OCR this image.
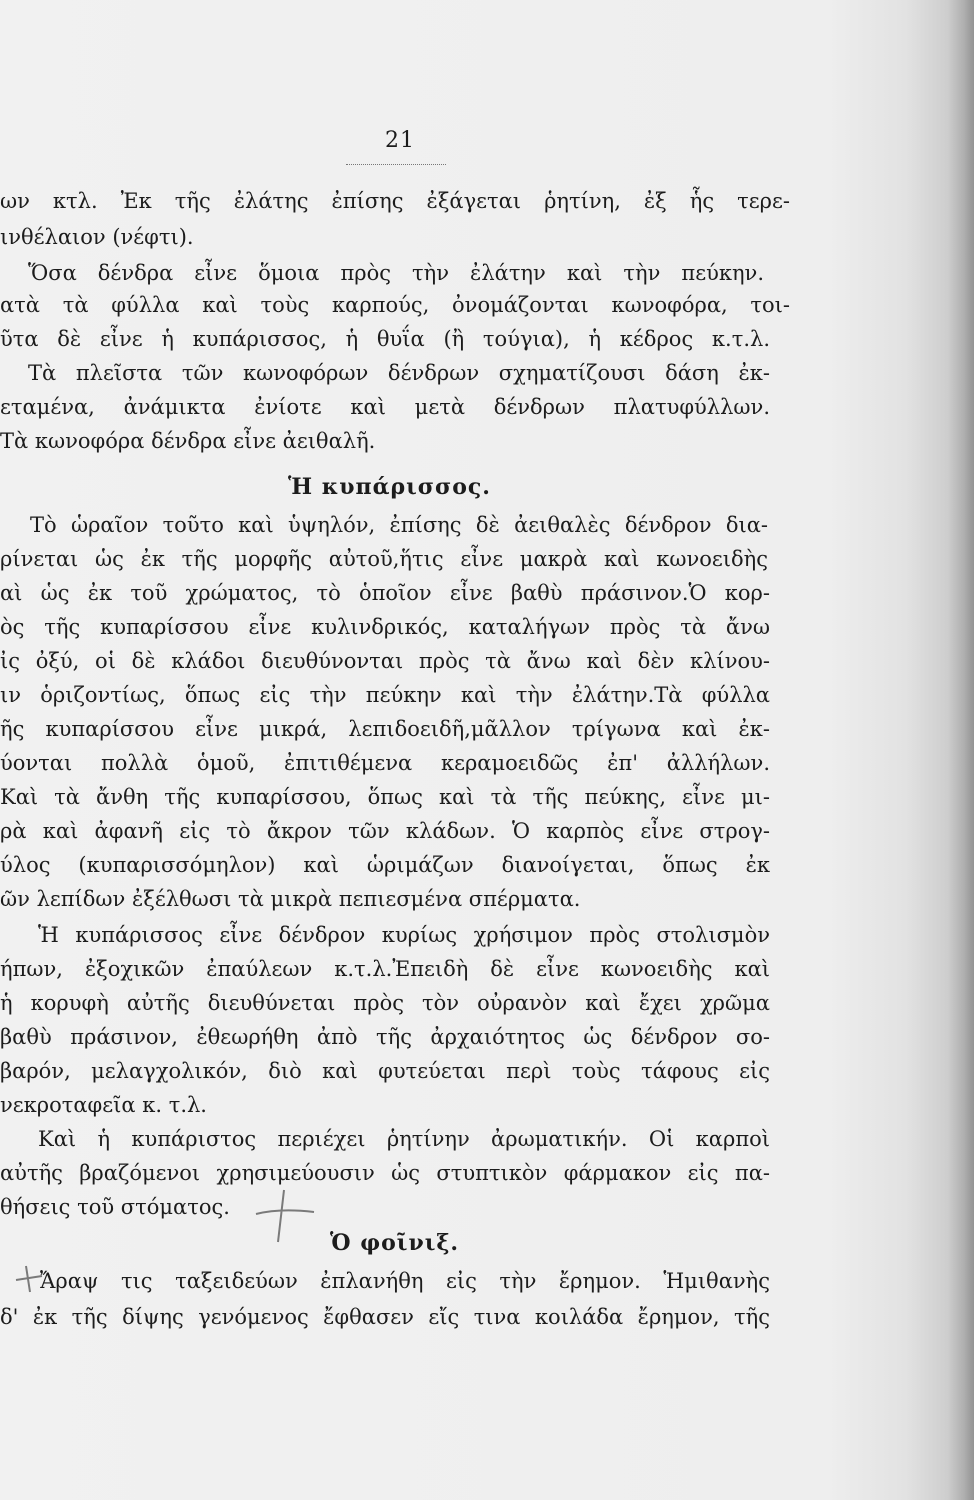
21
ων κτλ. Ἐκ τῆς ἐλάτης ἐπίσης ἐξάγεται ῥητίνη, ἐξ ἧς τερε-
ινθέλαιον (νέφτι).
Ὅσα δένδρα εἶνε ὅμοια πρὸς τὴν ἐλάτην καὶ τὴν πεύκην.
ατὰ τὰ φύλλα καὶ τοὺς καρπούς, ὀνομάζονται κωνοφόρα, τοι-
ῦτα δὲ εἶνε ἡ κυπάρισσος, ἡ θυΐα (ἢ τούγια), ἡ κέδρος κ.τ.λ.
Τὰ πλεῖστα τῶν κωνοφόρων δένδρων σχηματίζουσι δάση ἐκ-
εταμένα, ἀνάμικτα ἐνίοτε καὶ μετὰ δένδρων πλατυφύλλων.
Τὰ κωνοφόρα δένδρα εἶνε ἀειθαλῆ.
Τὸ ὡραῖον τοῦτο καὶ ὑψηλόν, ἐπίσης δὲ ἀειθαλὲς δένδρον δια-
ρίνεται ὡς ἐκ τῆς μορφῆς αὐτοῦ,ἥτις εἶνε μακρὰ καὶ κωνοειδὴς
αὶ ὡς ἐκ τοῦ χρώματος, τὸ ὁποῖον εἶνε βαθὺ πράσινον.Ὁ κορ-
ὸς τῆς κυπαρίσσου εἶνε κυλινδρικός, καταλήγων πρὸς τὰ ἄνω
ἰς ὀξύ, οἱ δὲ κλάδοι διευθύνονται πρὸς τὰ ἄνω καὶ δὲν κλίνου-
ιν ὁριζοντίως, ὅπως εἰς τὴν πεύκην καὶ τὴν ἐλάτην.Τὰ φύλλα
ῆς κυπαρίσσου εἶνε μικρά, λεπιδοειδῆ,μᾶλλον τρίγωνα καὶ ἐκ-
ύονται πολλὰ ὁμοῦ, ἐπιτιθέμενα κεραμοειδῶς ἐπ' ἀλλήλων.
Καὶ τὰ ἄνθη τῆς κυπαρίσσου, ὅπως καὶ τὰ τῆς πεύκης, εἶνε μι-
ρὰ καὶ ἀφανῆ εἰς τὸ ἄκρον τῶν κλάδων. Ὁ καρπὸς εἶνε στρογ-
ύλος (κυπαρισσόμηλον) καὶ ὡριμάζων διανοίγεται, ὅπως ἐκ
ῶν λεπίδων ἐξέλθωσι τὰ μικρὰ πεπιεσμένα σπέρματα.
Ἡ κυπάρισσος εἶνε δένδρον κυρίως χρήσιμον πρὸς στολισμὸν
ήπων, ἐξοχικῶν ἐπαύλεων κ.τ.λ.Ἐπειδὴ δὲ εἶνε κωνοειδὴς καὶ
ἡ κορυφὴ αὐτῆς διευθύνεται πρὸς τὸν οὐρανὸν καὶ ἔχει χρῶμα
βαθὺ πράσινον, ἐθεωρήθη ἀπὸ τῆς ἀρχαιότητος ὡς δένδρον σο-
βαρόν, μελαγχολικόν, διὸ καὶ φυτεύεται περὶ τοὺς τάφους εἰς
νεκροταφεῖα κ. τ.λ.
Καὶ ἡ κυπάριστος περιέχει ῥητίνην ἀρωματικήν. Οἱ καρποὶ
αὐτῆς βραζόμενοι χρησιμεύουσιν ὡς στυπτικὸν φάρμακον εἰς πα-
θήσεις τοῦ στόματος.
Ἄραψ τις ταξειδεύων ἐπλανήθη εἰς τὴν ἔρημον. Ἡμιθανὴς
δ' ἐκ τῆς δίψης γενόμενος ἔφθασεν εἴς τινα κοιλάδα ἔρημον, τῆς
Ἡ κυπάρισσος.
Ὁ φοῖνιξ.
